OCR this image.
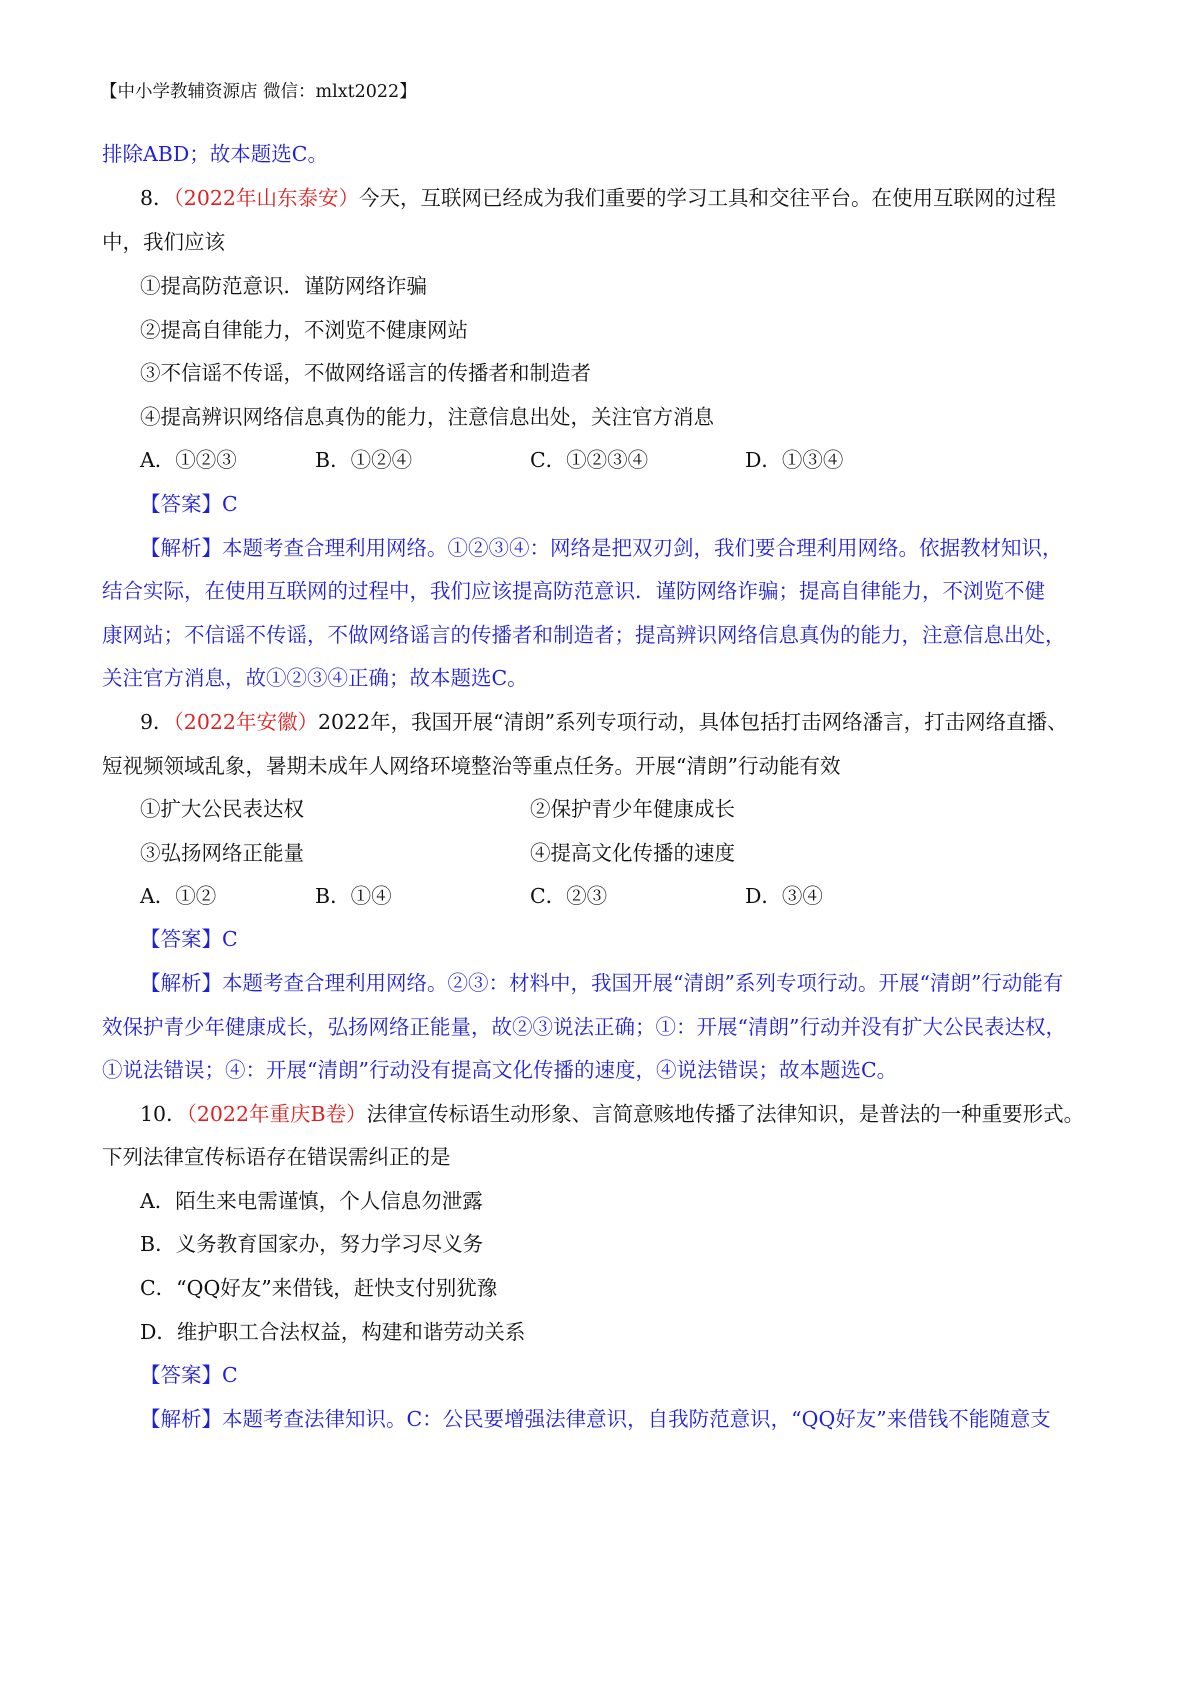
【中小学教辅资源店 微信：mlxt2022】
排除ABD；故本题选C。
8．（2022年山东泰安）今天，互联网已经成为我们重要的学习工具和交往平台。在使用互联网的过程
中，我们应该
①提高防范意识．谨防网络诈骗
②提高自律能力，不浏览不健康网站
③不信谣不传谣，不做网络谣言的传播者和制造者
④提高辨识网络信息真伪的能力，注意信息出处，关注官方消息
A．①②③	B．①②④	C．①②③④	D．①③④
【答案】C
【解析】本题考查合理利用网络。①②③④：网络是把双刃剑，我们要合理利用网络。依据教材知识，
结合实际，在使用互联网的过程中，我们应该提高防范意识．谨防网络诈骗；提高自律能力，不浏览不健
康网站；不信谣不传谣，不做网络谣言的传播者和制造者；提高辨识网络信息真伪的能力，注意信息出处，
关注官方消息，故①②③④正确；故本题选C。
9．（2022年安徽）2022年，我国开展“清朗”系列专项行动，具体包括打击网络潘言，打击网络直播、
短视频领域乱象，暑期未成年人网络环境整治等重点任务。开展“清朗”行动能有效
①扩大公民表达权	②保护青少年健康成长
③弘扬网络正能量	④提高文化传播的速度
A．①②	B．①④	C．②③	D．③④
【答案】C
【解析】本题考查合理利用网络。②③：材料中，我国开展“清朗”系列专项行动。开展“清朗”行动能有
效保护青少年健康成长，弘扬网络正能量，故②③说法正确；①：开展“清朗”行动并没有扩大公民表达权，
①说法错误；④：开展“清朗”行动没有提高文化传播的速度，④说法错误；故本题选C。
10．（2022年重庆B卷）法律宣传标语生动形象、言简意赅地传播了法律知识，是普法的一种重要形式。
下列法律宣传标语存在错误需纠正的是
A．陌生来电需谨慎，个人信息勿泄露
B．义务教育国家办，努力学习尽义务
C．“QQ好友”来借钱，赶快支付别犹豫
D．维护职工合法权益，构建和谐劳动关系
【答案】C
【解析】本题考查法律知识。C：公民要增强法律意识，自我防范意识，“QQ好友”来借钱不能随意支
